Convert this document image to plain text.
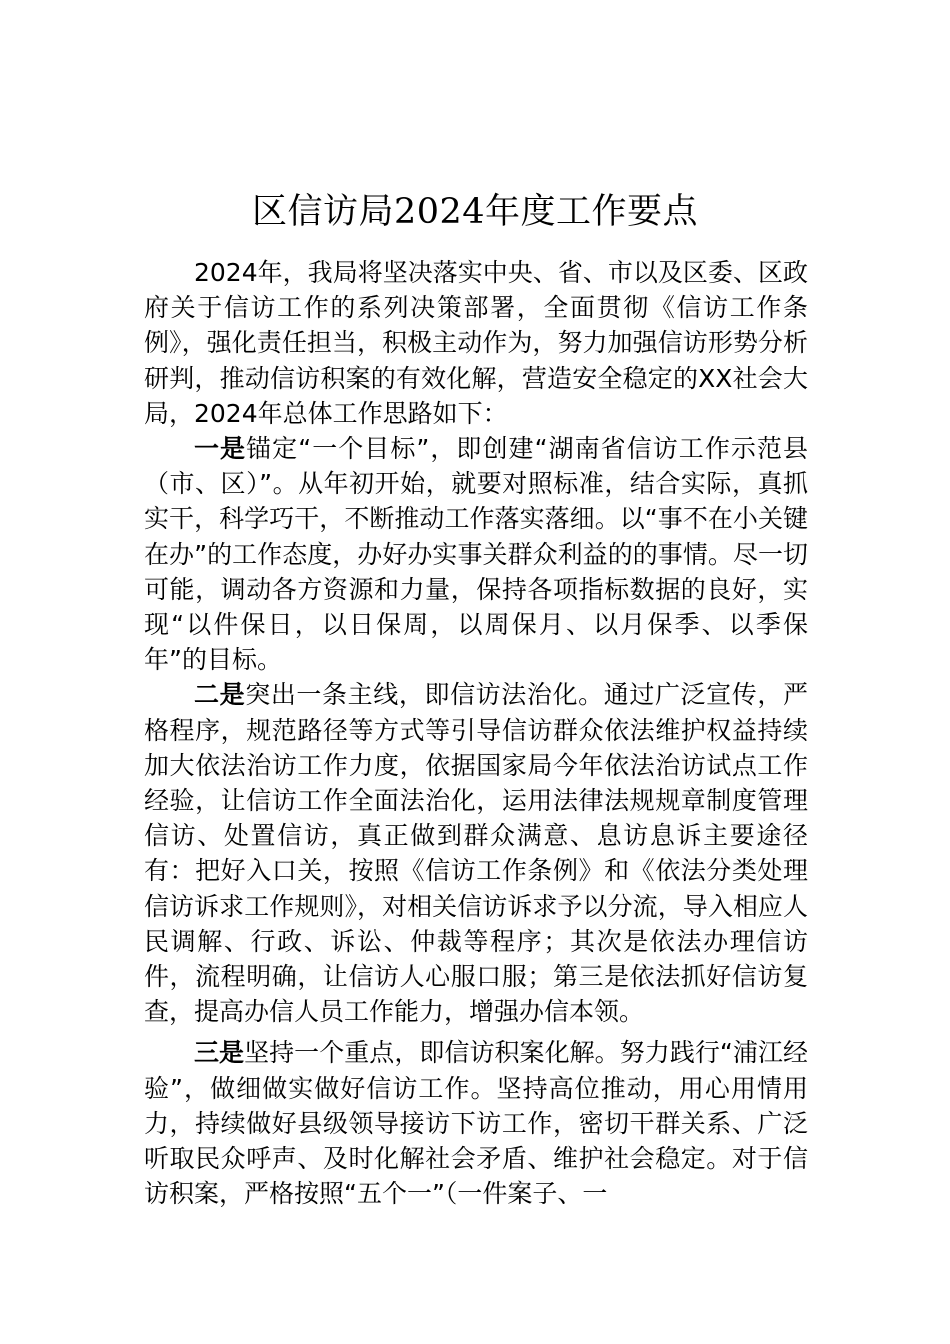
区信访局2024年度工作要点

2024年，我局将坚决落实中央、省、市以及区委、区政府关于信访工作的系列决策部署，全面贯彻《信访工作条例》，强化责任担当，积极主动作为，努力加强信访形势分析研判，推动信访积案的有效化解，营造安全稳定的XX社会大局，2024年总体工作思路如下：

一是锚定“一个目标”，即创建“湖南省信访工作示范县（市、区）”。从年初开始，就要对照标准，结合实际，真抓实干，科学巧干，不断推动工作落实落细。以“事不在小关键在办”的工作态度，办好办实事关群众利益的的事情。尽一切可能，调动各方资源和力量，保持各项指标数据的良好，实现“以件保日，以日保周，以周保月、以月保季、以季保年”的目标。

二是突出一条主线，即信访法治化。通过广泛宣传，严格程序，规范路径等方式等引导信访群众依法维护权益持续加大依法治访工作力度，依据国家局今年依法治访试点工作经验，让信访工作全面法治化，运用法律法规规章制度管理信访、处置信访，真正做到群众满意、息访息诉主要途径有：把好入口关，按照《信访工作条例》和《依法分类处理信访诉求工作规则》，对相关信访诉求予以分流，导入相应人民调解、行政、诉讼、仲裁等程序；其次是依法办理信访件，流程明确，让信访人心服口服；第三是依法抓好信访复查，提高办信人员工作能力，增强办信本领。

三是坚持一个重点，即信访积案化解。努力践行“浦江经验”，做细做实做好信访工作。坚持高位推动，用心用情用力，持续做好县级领导接访下访工作，密切干群关系、广泛听取民众呼声、及时化解社会矛盾、维护社会稳定。对于信访积案，严格按照“五个一”（一件案子、一
